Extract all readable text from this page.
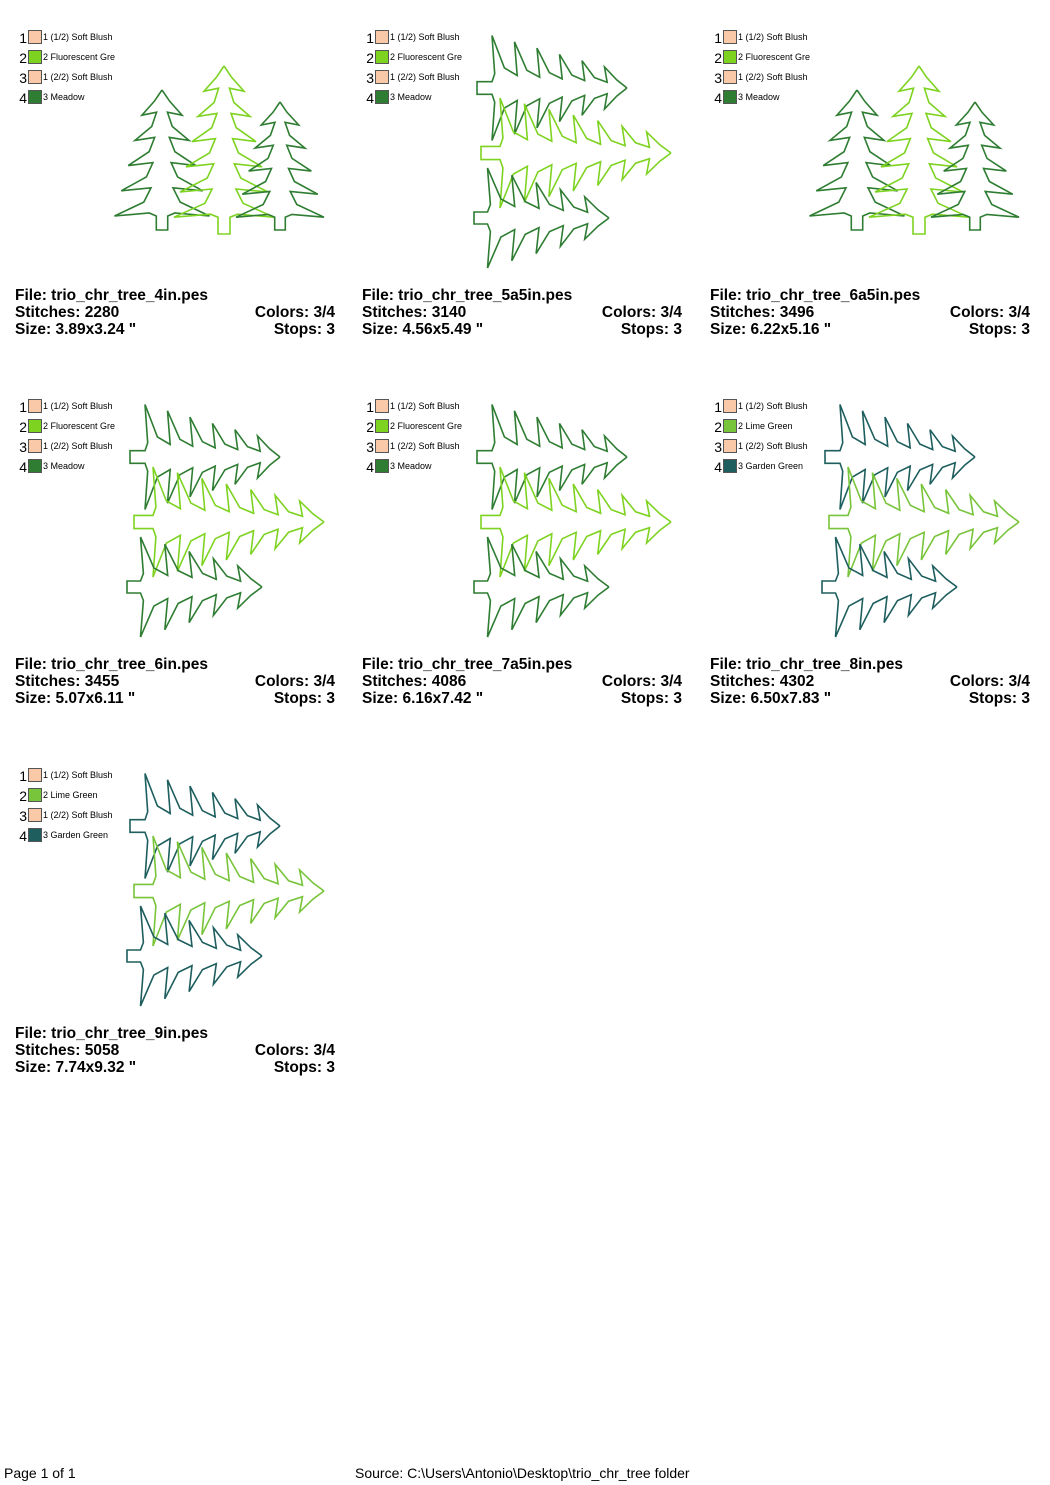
1 1 (1/2) Soft Blush
2 2 Fluorescent Gre
3 1 (2/2) Soft Blush
4 3 Meadow
File: trio_chr_tree_4in.pes
Stitches: 2280	Colors: 3/4
Size: 3.89x3.24 "	Stops: 3
1 1 (1/2) Soft Blush
2 2 Fluorescent Gre
3 1 (2/2) Soft Blush
4 3 Meadow
File: trio_chr_tree_5a5in.pes
Stitches: 3140	Colors: 3/4
Size: 4.56x5.49 "	Stops: 3
1 1 (1/2) Soft Blush
2 2 Fluorescent Gre
3 1 (2/2) Soft Blush
4 3 Meadow
File: trio_chr_tree_6a5in.pes
Stitches: 3496	Colors: 3/4
Size: 6.22x5.16 "	Stops: 3
1 1 (1/2) Soft Blush
2 2 Fluorescent Gre
3 1 (2/2) Soft Blush
4 3 Meadow
File: trio_chr_tree_6in.pes
Stitches: 3455	Colors: 3/4
Size: 5.07x6.11 "	Stops: 3
1 1 (1/2) Soft Blush
2 2 Fluorescent Gre
3 1 (2/2) Soft Blush
4 3 Meadow
File: trio_chr_tree_7a5in.pes
Stitches: 4086	Colors: 3/4
Size: 6.16x7.42 "	Stops: 3
1 1 (1/2) Soft Blush
2 2 Lime Green
3 1 (2/2) Soft Blush
4 3 Garden Green
File: trio_chr_tree_8in.pes
Stitches: 4302	Colors: 3/4
Size: 6.50x7.83 "	Stops: 3
1 1 (1/2) Soft Blush
2 2 Lime Green
3 1 (2/2) Soft Blush
4 3 Garden Green
File: trio_chr_tree_9in.pes
Stitches: 5058	Colors: 3/4
Size: 7.74x9.32 "	Stops: 3
Page 1 of 1	Source: C:\Users\Antonio\Desktop\trio_chr_tree folder
